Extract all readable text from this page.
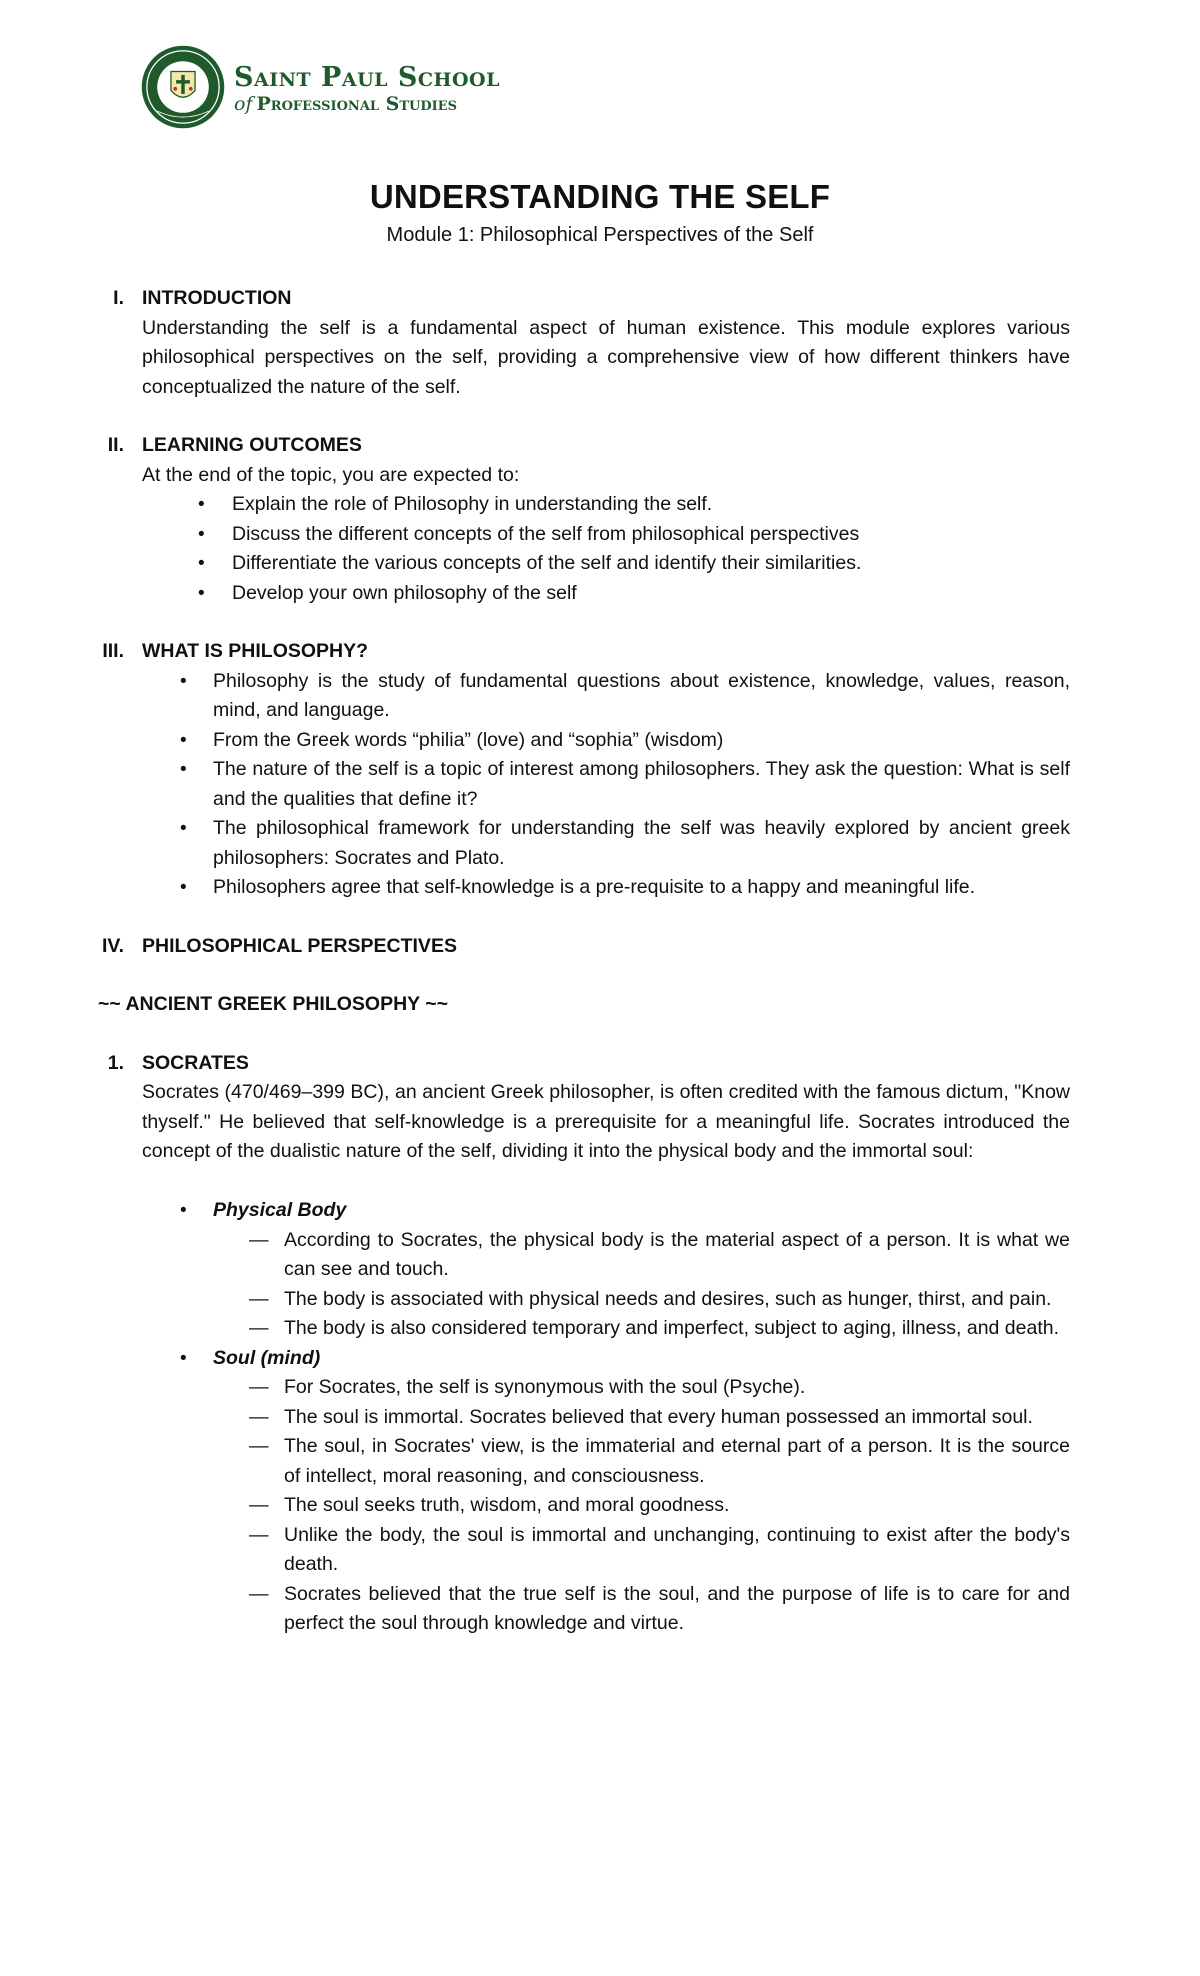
Saint Paul School
of Professional Studies
UNDERSTANDING THE SELF
Module 1: Philosophical Perspectives of the Self
I. INTRODUCTION
Understanding the self is a fundamental aspect of human existence. This module explores various philosophical perspectives on the self, providing a comprehensive view of how different thinkers have conceptualized the nature of the self.
II. LEARNING OUTCOMES
At the end of the topic, you are expected to:
• Explain the role of Philosophy in understanding the self.
• Discuss the different concepts of the self from philosophical perspectives
• Differentiate the various concepts of the self and identify their similarities.
• Develop your own philosophy of the self
III. WHAT IS PHILOSOPHY?
• Philosophy is the study of fundamental questions about existence, knowledge, values, reason, mind, and language.
• From the Greek words “philia” (love) and “sophia” (wisdom)
• The nature of the self is a topic of interest among philosophers. They ask the question: What is self and the qualities that define it?
• The philosophical framework for understanding the self was heavily explored by ancient greek philosophers: Socrates and Plato.
• Philosophers agree that self-knowledge is a pre-requisite to a happy and meaningful life.
IV. PHILOSOPHICAL PERSPECTIVES
~~ ANCIENT GREEK PHILOSOPHY ~~
1. SOCRATES
Socrates (470/469–399 BC), an ancient Greek philosopher, is often credited with the famous dictum, "Know thyself." He believed that self-knowledge is a prerequisite for a meaningful life. Socrates introduced the concept of the dualistic nature of the self, dividing it into the physical body and the immortal soul:
• Physical Body
— According to Socrates, the physical body is the material aspect of a person. It is what we can see and touch.
— The body is associated with physical needs and desires, such as hunger, thirst, and pain.
— The body is also considered temporary and imperfect, subject to aging, illness, and death.
• Soul (mind)
— For Socrates, the self is synonymous with the soul (Psyche).
— The soul is immortal. Socrates believed that every human possessed an immortal soul.
— The soul, in Socrates' view, is the immaterial and eternal part of a person. It is the source of intellect, moral reasoning, and consciousness.
— The soul seeks truth, wisdom, and moral goodness.
— Unlike the body, the soul is immortal and unchanging, continuing to exist after the body's death.
— Socrates believed that the true self is the soul, and the purpose of life is to care for and perfect the soul through knowledge and virtue.
